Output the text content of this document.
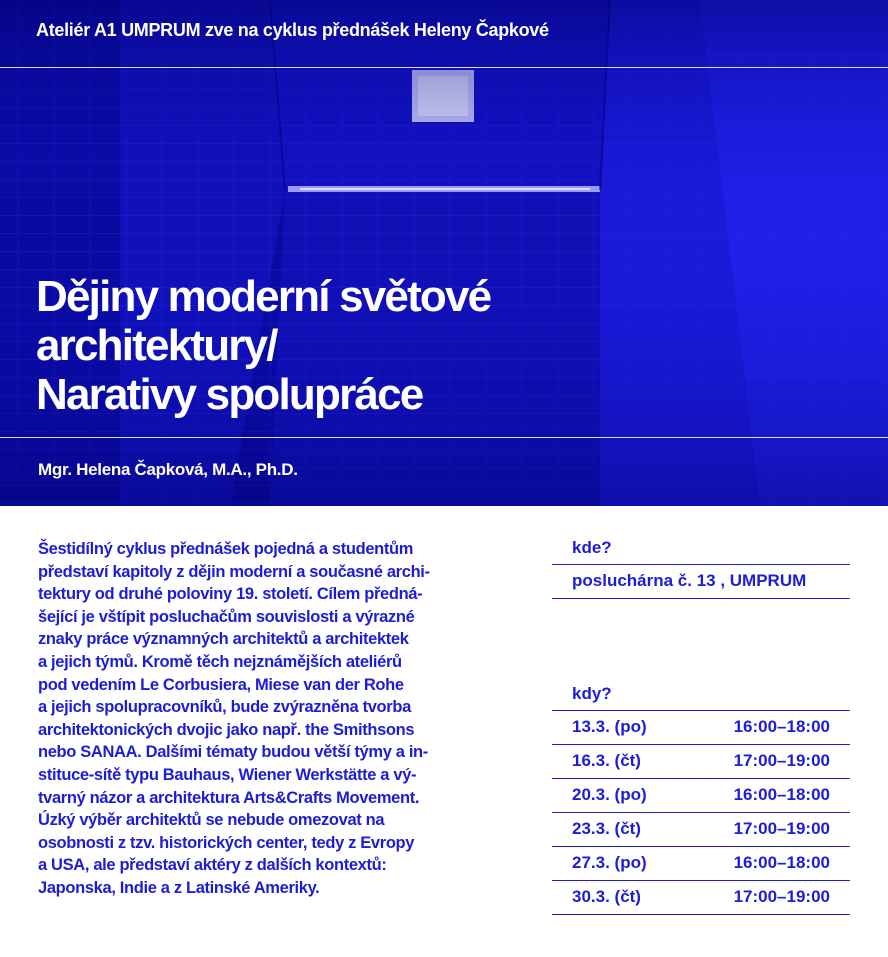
Ateliér A1 UMPRUM zve na cyklus přednášek Heleny Čapkové
Dějiny moderní světové
architektury/
Narativy spolupráce
Mgr. Helena Čapková, M.A., Ph.D.

Šestidílný cyklus přednášek pojedná a studentům
představí kapitoly z dějin moderní a současné archi-
tektury od druhé poloviny 19. století. Cílem předná-
šející je vštípit posluchačům souvislosti a výrazné
znaky práce významných architektů a architektek
a jejich týmů. Kromě těch nejznámějších ateliérů
pod vedením Le Corbusiera, Miese van der Rohe
a jejich spolupracovníků, bude zvýrazněna tvorba
architektonických dvojic jako např. the Smithsons
nebo SANAA. Dalšími tématy budou větší týmy a in-
stituce-sítě typu Bauhaus, Wiener Werkstätte a vý-
tvarný názor a architektura Arts&Crafts Movement.
Úzký výběr architektů se nebude omezovat na
osobnosti z tzv. historických center, tedy z Evropy
a USA, ale představí aktéry z dalších kontextů:
Japonska, Indie a z Latinské Ameriky.

kde?
posluchárna č. 13 , UMPRUM
kdy?
13.3. (po)	16:00–18:00
16.3. (čt)	17:00–19:00
20.3. (po)	16:00–18:00
23.3. (čt)	17:00–19:00
27.3. (po)	16:00–18:00
30.3. (čt)	17:00–19:00
